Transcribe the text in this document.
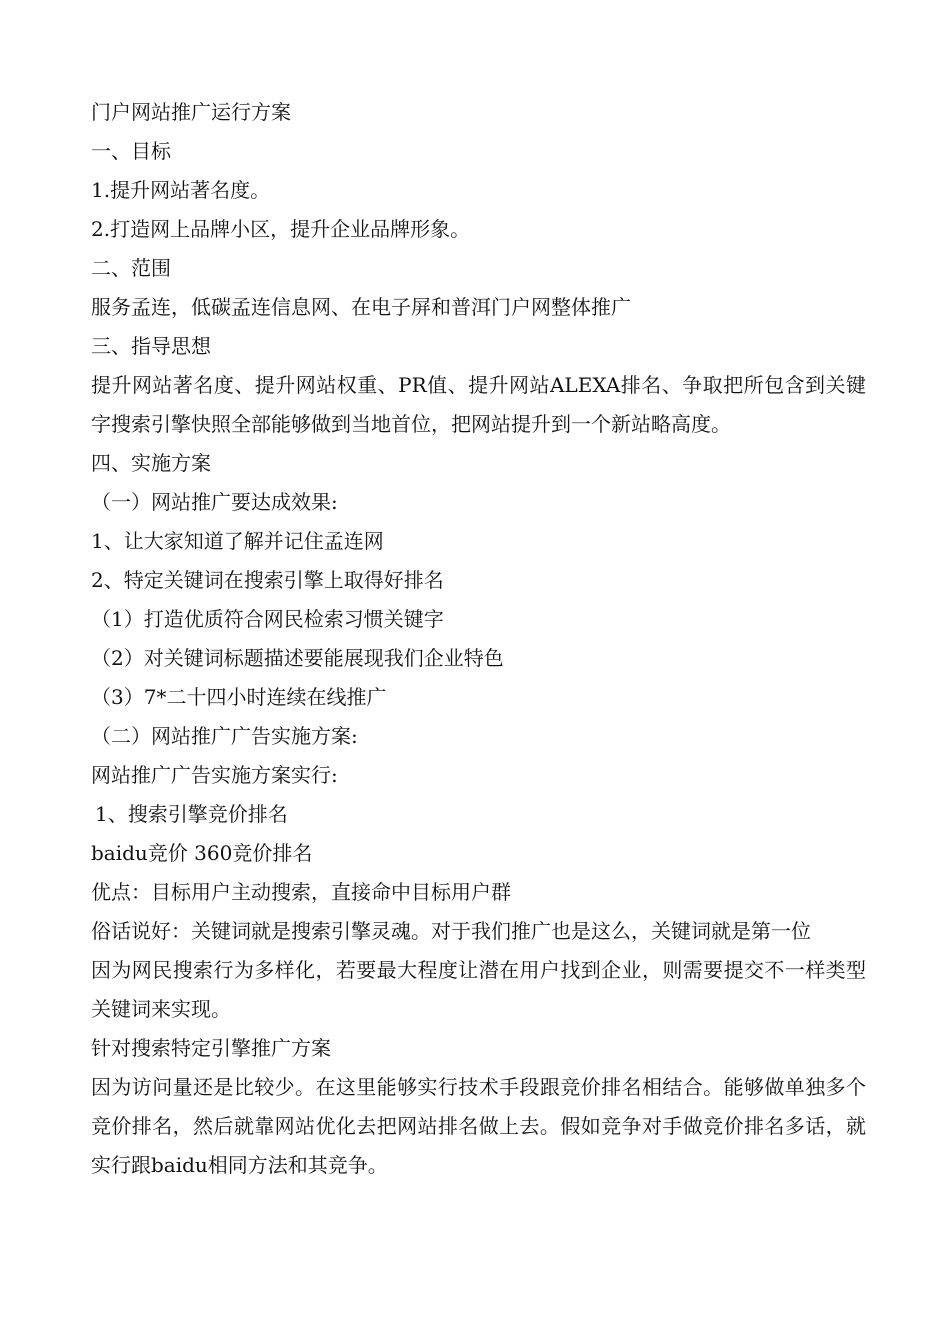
门户网站推广运行方案
一、目标
1.提升网站著名度。
2.打造网上品牌小区，提升企业品牌形象。
二、范围
服务孟连，低碳孟连信息网、在电子屏和普洱门户网整体推广
三、指导思想
提升网站著名度、提升网站权重、PR值、提升网站ALEXA排名、争取把所包含到关键字搜索引擎快照全部能够做到当地首位，把网站提升到一个新站略高度。
四、实施方案
（一）网站推广要达成效果:
1、让大家知道了解并记住孟连网
2、特定关键词在搜索引擎上取得好排名
（1）打造优质符合网民检索习惯关键字
（2）对关键词标题描述要能展现我们企业特色
（3）7*二十四小时连续在线推广
（二）网站推广广告实施方案:
网站推广广告实施方案实行:
1、搜索引擎竞价排名
baidu竞价 360竞价排名
优点：目标用户主动搜索，直接命中目标用户群
俗话说好：关键词就是搜索引擎灵魂。对于我们推广也是这么，关键词就是第一位
因为网民搜索行为多样化，若要最大程度让潜在用户找到企业，则需要提交不一样类型关键词来实现。
针对搜索特定引擎推广方案
因为访问量还是比较少。在这里能够实行技术手段跟竞价排名相结合。能够做单独多个竞价排名，然后就靠网站优化去把网站排名做上去。假如竞争对手做竞价排名多话，就实行跟baidu相同方法和其竞争。
